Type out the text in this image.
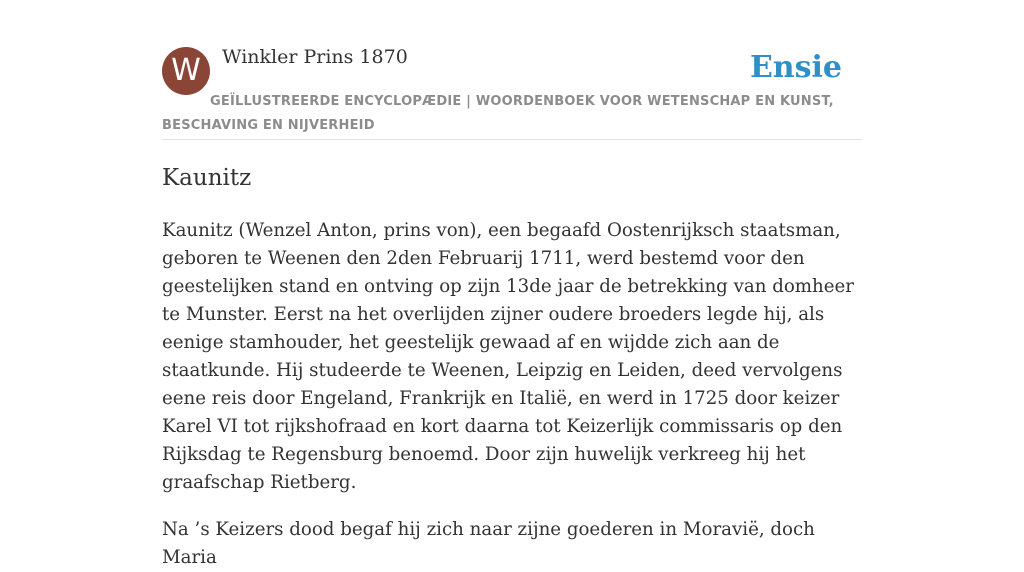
W	Winkler Prins 1870	Ensie
GEÏLLUSTREERDE ENCYCLOPÆDIE | WOORDENBOEK VOOR WETENSCHAP EN KUNST, BESCHAVING EN NIJVERHEID
Kaunitz

Kaunitz (Wenzel Anton, prins von), een begaafd Oostenrijksch staatsman, geboren te Weenen den 2den Februarij 1711, werd bestemd voor den geestelijken stand en ontving op zijn 13de jaar de betrekking van domheer te Munster. Eerst na het overlijden zijner oudere broeders legde hij, als eenige stamhouder, het geestelijk gewaad af en wijdde zich aan de staatkunde. Hij studeerde te Weenen, Leipzig en Leiden, deed vervolgens eene reis door Engeland, Frankrijk en Italië, en werd in 1725 door keizer Karel VI tot rijkshofraad en kort daarna tot Keizerlijk commissaris op den Rijksdag te Regensburg benoemd. Door zijn huwelijk verkreeg hij het graafschap Rietberg.

Na ’s Keizers dood begaf hij zich naar zijne goederen in Moravië, doch Maria
